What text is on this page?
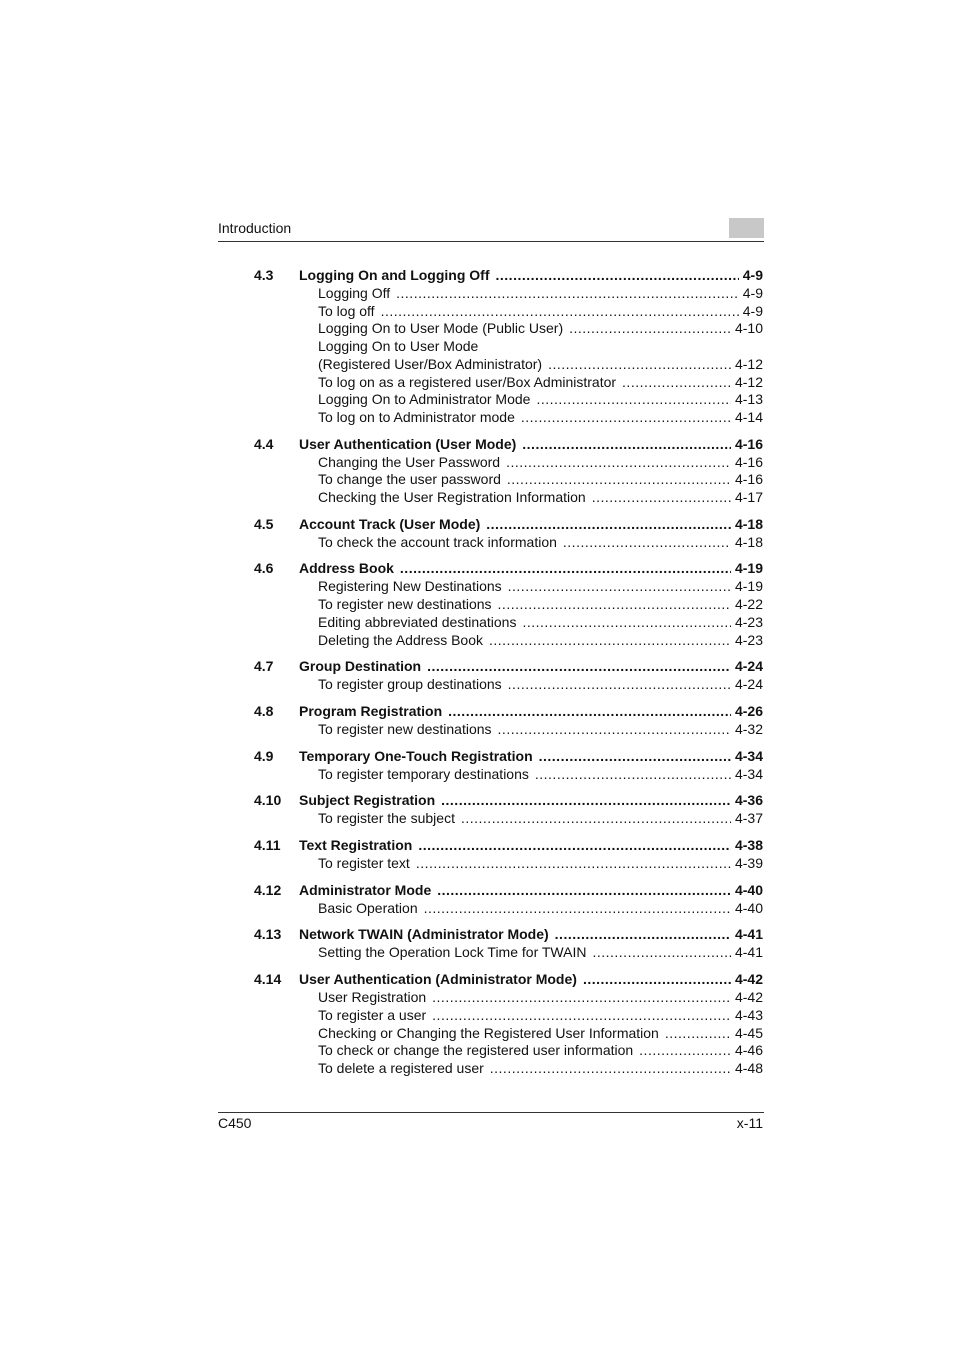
Introduction
4.3	Logging On and Logging Off .....	4-9
Logging Off .....	4-9
To log off .....	4-9
Logging On to User Mode (Public User) .....	4-10
Logging On to User Mode
(Registered User/Box Administrator) .....	4-12
To log on as a registered user/Box Administrator .....	4-12
Logging On to Administrator Mode .....	4-13
To log on to Administrator mode .....	4-14
4.4	User Authentication (User Mode) .....	4-16
Changing the User Password .....	4-16
To change the user password .....	4-16
Checking the User Registration Information .....	4-17
4.5	Account Track (User Mode) .....	4-18
To check the account track information .....	4-18
4.6	Address Book .....	4-19
Registering New Destinations .....	4-19
To register new destinations .....	4-22
Editing abbreviated destinations .....	4-23
Deleting the Address Book .....	4-23
4.7	Group Destination .....	4-24
To register group destinations .....	4-24
4.8	Program Registration .....	4-26
To register new destinations .....	4-32
4.9	Temporary One-Touch Registration .....	4-34
To register temporary destinations .....	4-34
4.10	Subject Registration .....	4-36
To register the subject .....	4-37
4.11	Text Registration .....	4-38
To register text .....	4-39
4.12	Administrator Mode .....	4-40
Basic Operation .....	4-40
4.13	Network TWAIN (Administrator Mode) .....	4-41
Setting the Operation Lock Time for TWAIN .....	4-41
4.14	User Authentication (Administrator Mode) .....	4-42
User Registration .....	4-42
To register a user .....	4-43
Checking or Changing the Registered User Information .....	4-45
To check or change the registered user information .....	4-46
To delete a registered user .....	4-48
C450	x-11
